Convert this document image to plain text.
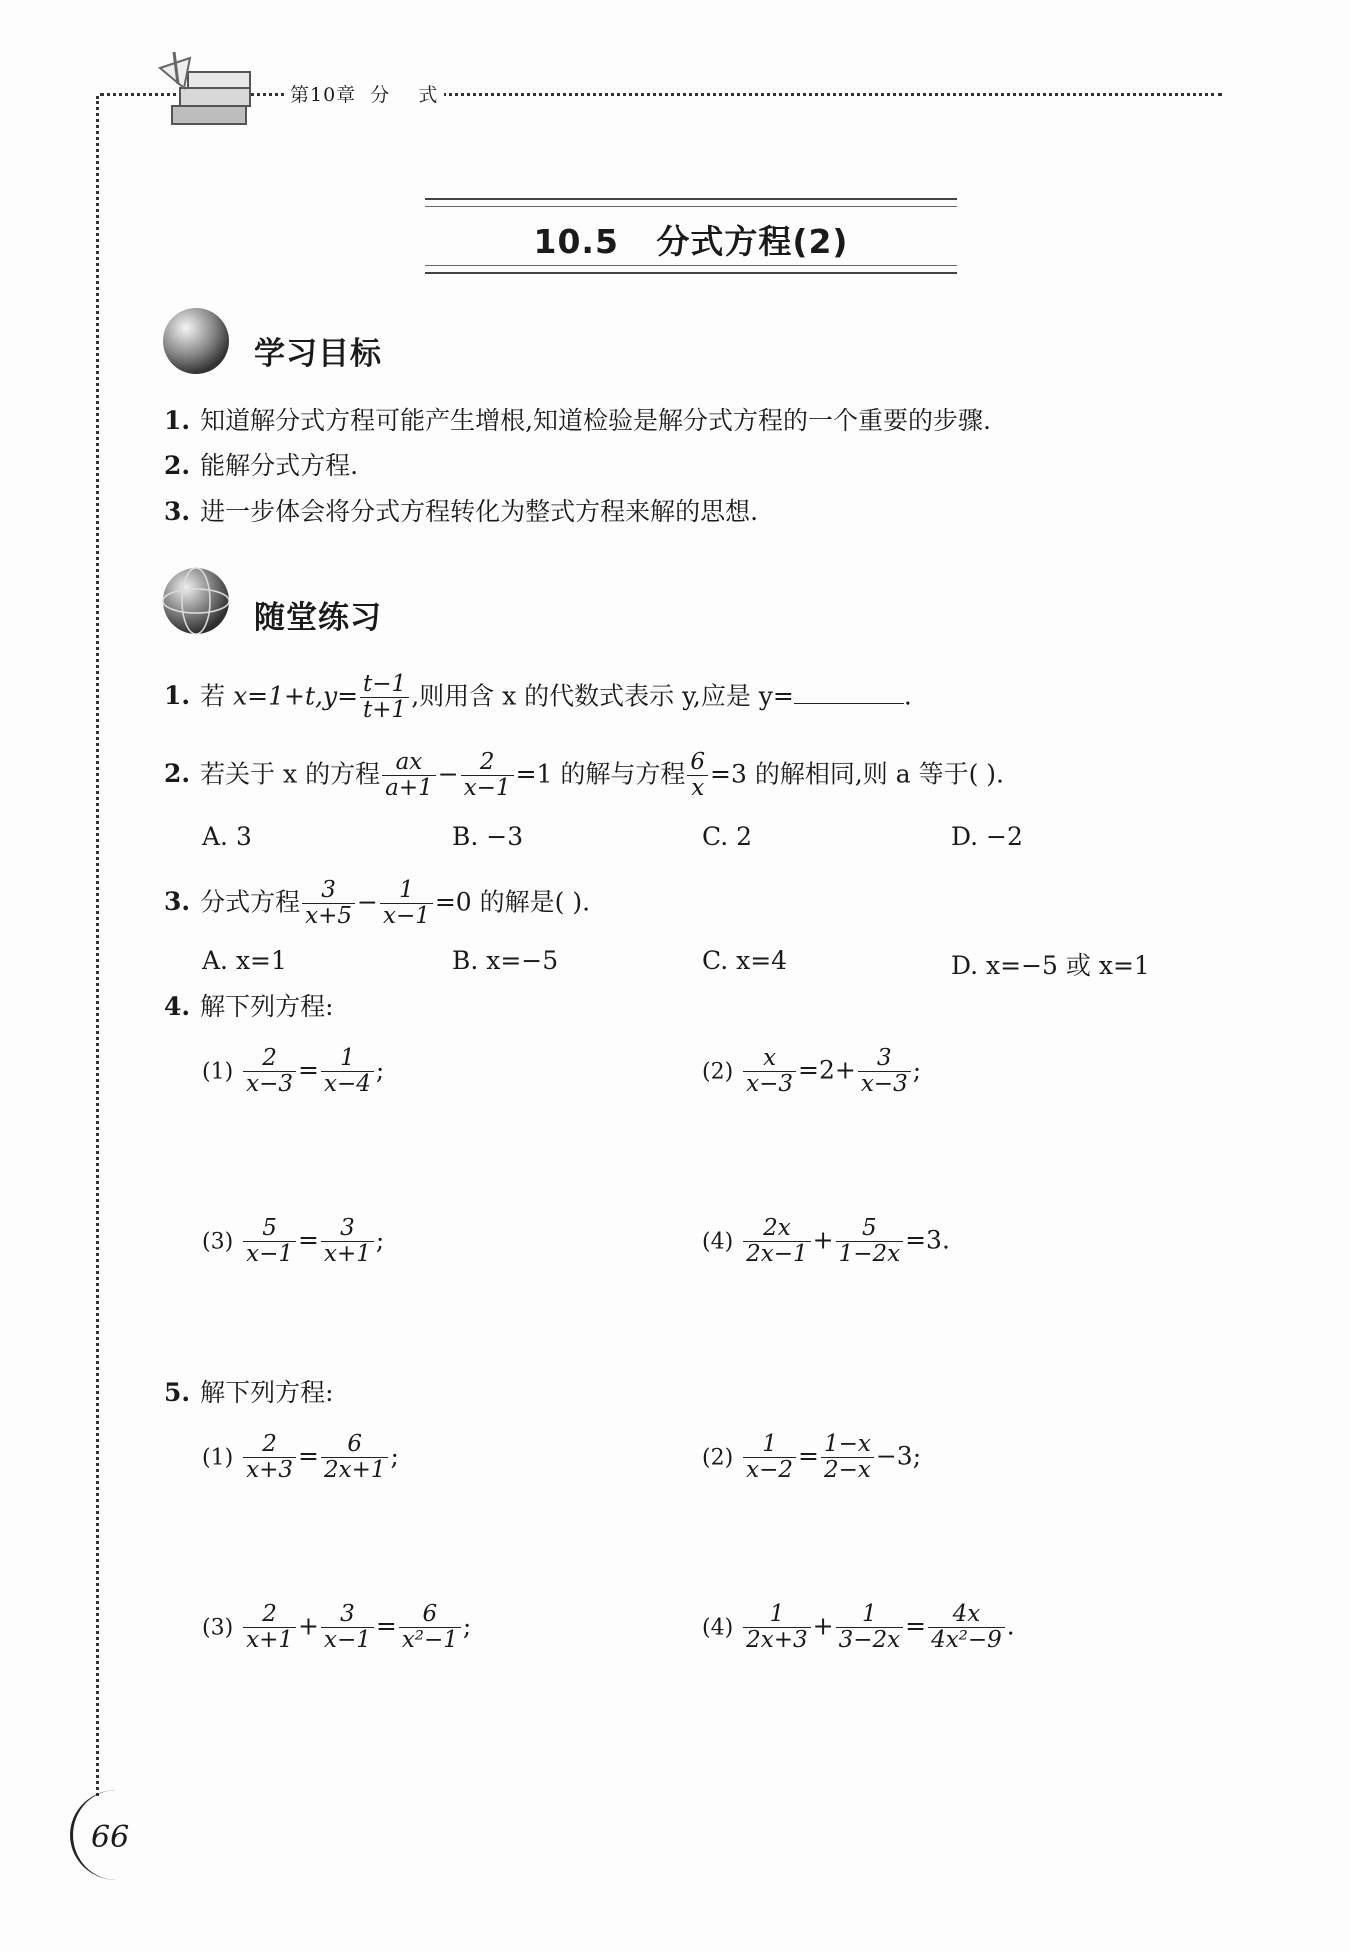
第10章  分    式
10.5 分式方程(2)
学习目标
1. 知道解分式方程可能产生增根,知道检验是解分式方程的一个重要的步骤.
2. 能解分式方程.
3. 进一步体会将分式方程转化为整式方程来解的思想.
随堂练习
1. 若 $x=1+t,y= \frac{t-1}{t+1}$ ,则用含 x 的代数式表示 y,应是 y=	.
2. 若关于 x 的方程 $\frac{ax}{a+1} - \frac{2}{x-1} =1$ 的解与方程 $\frac{6}{x} =3$ 的解相同,则 a 等于( ).
A. 3	B. −3	C. 2	D. −2
3. 分式方程 $\frac{3}{x+5} - \frac{1}{x-1} =0$ 的解是( ).
A. x=1	B. x=−5	C. x=4	D. x=−5 或 x=1
4. 解下列方程:
$(1) \frac{2}{x-3} = \frac{1}{x-4}$ ;	$(2) \frac{x}{x-3} =2+ \frac{3}{x-3}$ ;
$(3) \frac{5}{x-1} = \frac{3}{x+1}$ ;	$(4) \frac{2x}{2x-1} + \frac{5}{1-2x} =3$.
5. 解下列方程:
$(1) \frac{2}{x+3} = \frac{6}{2x+1}$ ;	$(2) \frac{1}{x-2} = \frac{1-x}{2-x} -3$;
$(3) \frac{2}{x+1} + \frac{3}{x-1} = \frac{6}{\text{x²−1}}$ ;	$(4) \frac{1}{2x+3} + \frac{1}{3-2x} = \frac{4x}{\text{4x²−9}}$ .
66
